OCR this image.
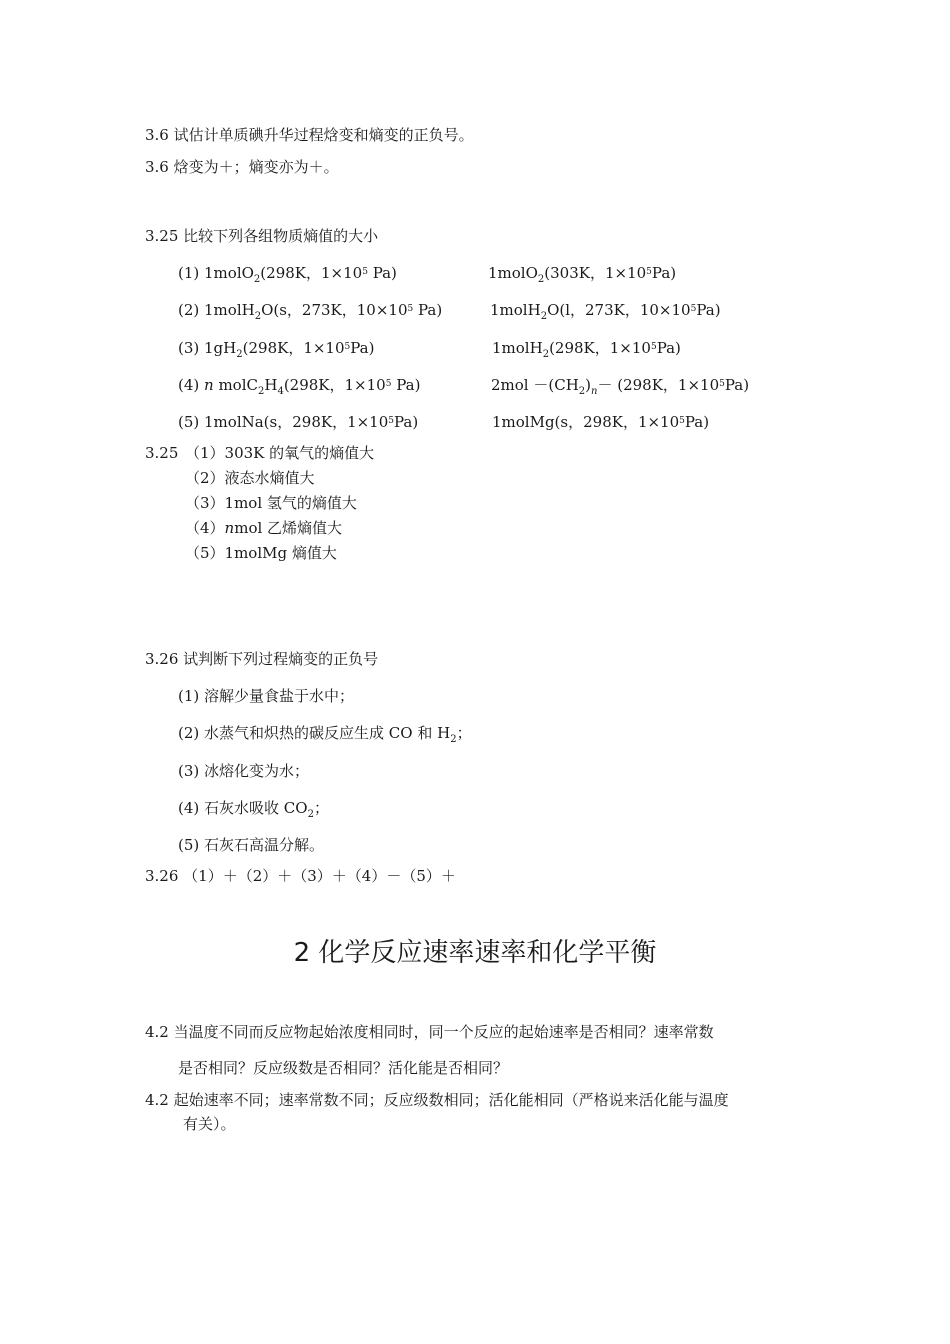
3.6 试估计单质碘升华过程焓变和熵变的正负号。
3.6 焓变为＋；熵变亦为＋。
3.25 比较下列各组物质熵值的大小
(1) 1molO$_2$(298K，$1\times 10^5$ Pa)	1molO$_2$(303K，$1\times 10^5Pa$)
(2) 1molH$_2$O(s，273K，$10\times 10^5$ Pa)	1molH$_2$O(l，273K，$10\times 10^5Pa$)
(3) $1gH_2(298K$，$1\times 10^5Pa$)	1molH$_2$(298K，$1\times 10^5Pa$)
(4) n $molC_2H_4(298K$，$1\times 10^5$ Pa)	$2mol -(CH_2)_n- (298K$，$1\times 10^5Pa$)
(5) 1molNa(s，298K，$1\times 10^5Pa$)	1molMg(s，298K，$1\times 10^5Pa$)
3.25 （1）303K 的氧气的熵值大
（2）液态水熵值大
（3）1mol 氢气的熵值大
（4）nmol 乙烯熵值大
（5）1molMg 熵值大
3.26 试判断下列过程熵变的正负号
(1) 溶解少量食盐于水中；
(2) 水蒸气和炽热的碳反应生成 CO 和 $H_2$；
(3) 冰熔化变为水；
(4) 石灰水吸收 $CO_2$；
(5) 石灰石高温分解。
3.26 （1）＋（2）＋（3）＋（4）－（5）＋
2 化学反应速率速率和化学平衡
4.2 当温度不同而反应物起始浓度相同时，同一个反应的起始速率是否相同？速率常数
是否相同？反应级数是否相同？活化能是否相同？
4.2 起始速率不同；速率常数不同；反应级数相同；活化能相同（严格说来活化能与温度
有关）。
